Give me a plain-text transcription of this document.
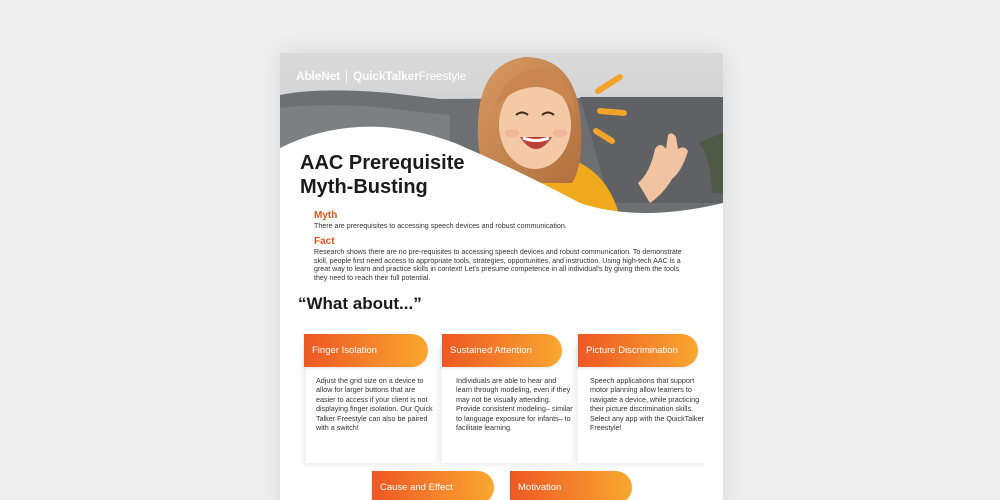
AbleNet QuickTalkerFreestyle
AAC Prerequisite
Myth-Busting
Myth
There are prerequisites to accessing speech devices and robust communication.
Fact
Research shows there are no pre-requisites to accessing speech devices and robust communication. To demonstrate skill, people first need access to appropriate tools, strategies, opportunities, and instruction. Using high-tech AAC is a great way to learn and practice skills in context! Let's presume competence in all individual's by giving them the tools they need to reach their full potential.
“What about...”
Finger Isolation	Sustained Attention	Picture Discrimination
Adjust the grid size on a device to allow for larger buttons that are easier to access if your client is not displaying finger isolation. Our Quick Talker Freestyle can also be paired with a switch!
Individuals are able to hear and learn through modeling, even if they may not be visually attending. Provide consistent modeling– similar to language exposure for infants– to facilitate learning.
Speech applications that support motor planning allow learners to navigate a device, while practicing their picture discrimination skills. Select any app with the QuickTalker Freestyle!
Cause and Effect	Motivation
